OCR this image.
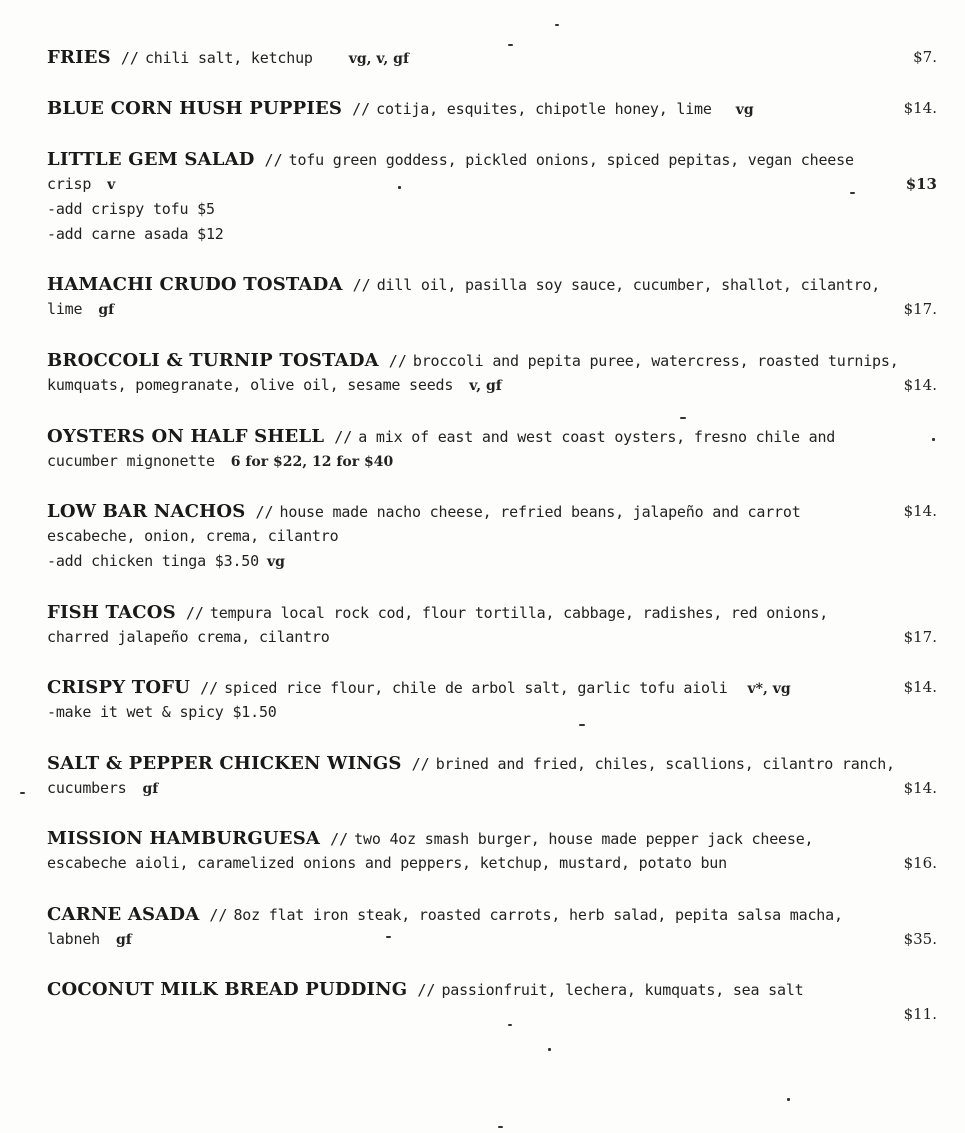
FRIES // chili salt, ketchup	vg, v, gf	$7.
BLUE CORN HUSH PUPPIES // cotija, esquites, chipotle honey, lime vg	$14.
LITTLE GEM SALAD // tofu green goddess, pickled onions, spiced pepitas, vegan cheese
crisp v	$13
-add crispy tofu $5
-add carne asada $12
HAMACHI CRUDO TOSTADA // dill oil, pasilla soy sauce, cucumber, shallot, cilantro,
lime gf	$17.
BROCCOLI & TURNIP TOSTADA // broccoli and pepita puree, watercress, roasted turnips,
kumquats, pomegranate, olive oil, sesame seeds v, gf	$14.
OYSTERS ON HALF SHELL // a mix of east and west coast oysters, fresno chile and
cucumber mignonette 6 for $22, 12 for $40
LOW BAR NACHOS // house made nacho cheese, refried beans, jalapeño and carrot	$14.
escabeche, onion, crema, cilantro
-add chicken tinga $3.50 vg
FISH TACOS // tempura local rock cod, flour tortilla, cabbage, radishes, red onions,
charred jalapeño crema, cilantro	$17.
CRISPY TOFU // spiced rice flour, chile de arbol salt, garlic tofu aioli v*, vg	$14.
-make it wet & spicy $1.50
SALT & PEPPER CHICKEN WINGS // brined and fried, chiles, scallions, cilantro ranch,
cucumbers gf	$14.
MISSION HAMBURGUESA // two 4oz smash burger, house made pepper jack cheese,
escabeche aioli, caramelized onions and peppers, ketchup, mustard, potato bun	$16.
CARNE ASADA // 8oz flat iron steak, roasted carrots, herb salad, pepita salsa macha,
labneh gf	$35.
COCONUT MILK BREAD PUDDING // passionfruit, lechera, kumquats, sea salt
$11.
